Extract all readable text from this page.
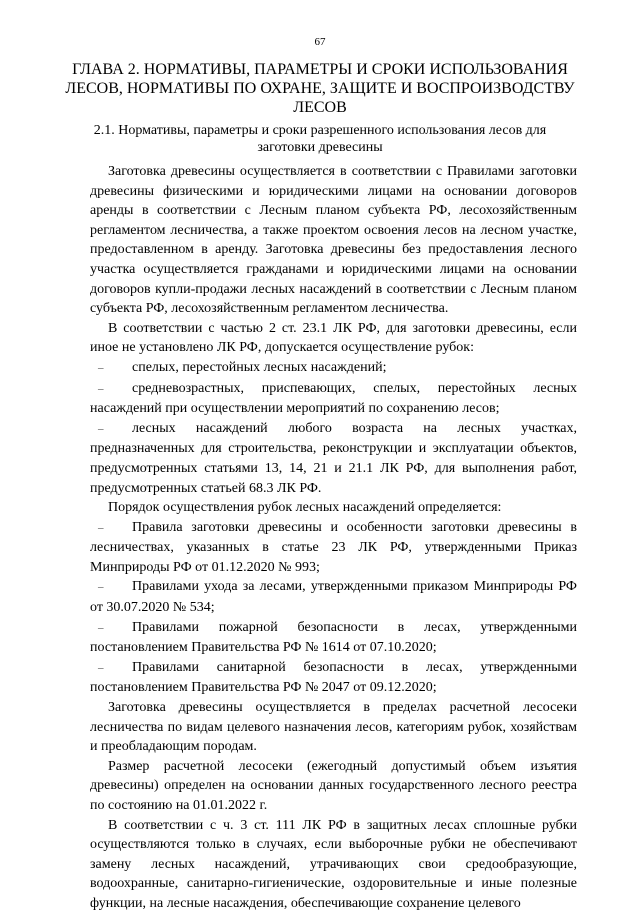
67
ГЛАВА 2. НОРМАТИВЫ, ПАРАМЕТРЫ И СРОКИ ИСПОЛЬЗОВАНИЯ ЛЕСОВ, НОРМАТИВЫ ПО ОХРАНЕ, ЗАЩИТЕ И ВОСПРОИЗВОДСТВУ ЛЕСОВ
2.1. Нормативы, параметры и сроки разрешенного использования лесов для заготовки древесины

Заготовка древесины осуществляется в соответствии с Правилами заготовки древесины физическими и юридическими лицами на основании договоров аренды в соответствии с Лесным планом субъекта РФ, лесохозяйственным регламентом лесничества, а также проектом освоения лесов на лесном участке, предоставленном в аренду. Заготовка древесины без предоставления лесного участка осуществляется гражданами и юридическими лицами на основании договоров купли-продажи лесных насаждений в соответствии с Лесным планом субъекта РФ, лесохозяйственным регламентом лесничества.

В соответствии с частью 2 ст. 23.1 ЛК РФ, для заготовки древесины, если иное не установлено ЛК РФ, допускается осуществление рубок:

– спелых, перестойных лесных насаждений;

– средневозрастных, приспевающих, спелых, перестойных лесных насаждений при осуществлении мероприятий по сохранению лесов;

– лесных насаждений любого возраста на лесных участках, предназначенных для строительства, реконструкции и эксплуатации объектов, предусмотренных статьями 13, 14, 21 и 21.1 ЛК РФ, для выполнения работ, предусмотренных статьей 68.3 ЛК РФ.

Порядок осуществления рубок лесных насаждений определяется:

– Правила заготовки древесины и особенности заготовки древесины в лесничествах, указанных в статье 23 ЛК РФ, утвержденными Приказ Минприроды РФ от 01.12.2020 № 993;

– Правилами ухода за лесами, утвержденными приказом Минприроды РФ от 30.07.2020 № 534;

– Правилами пожарной безопасности в лесах, утвержденными постановлением Правительства РФ № 1614 от 07.10.2020;

– Правилами санитарной безопасности в лесах, утвержденными постановлением Правительства РФ № 2047 от 09.12.2020;

Заготовка древесины осуществляется в пределах расчетной лесосеки лесничества по видам целевого назначения лесов, категориям рубок, хозяйствам и преобладающим породам.

Размер расчетной лесосеки (ежегодный допустимый объем изъятия древесины) определен на основании данных государственного лесного реестра по состоянию на 01.01.2022 г.

В соответствии с ч. 3 ст. 111 ЛК РФ в защитных лесах сплошные рубки осуществляются только в случаях, если выборочные рубки не обеспечивают замену лесных насаждений, утрачивающих свои средообразующие, водоохранные, санитарно-гигиенические, оздоровительные и иные полезные функции, на лесные насаждения, обеспечивающие сохранение целевого
